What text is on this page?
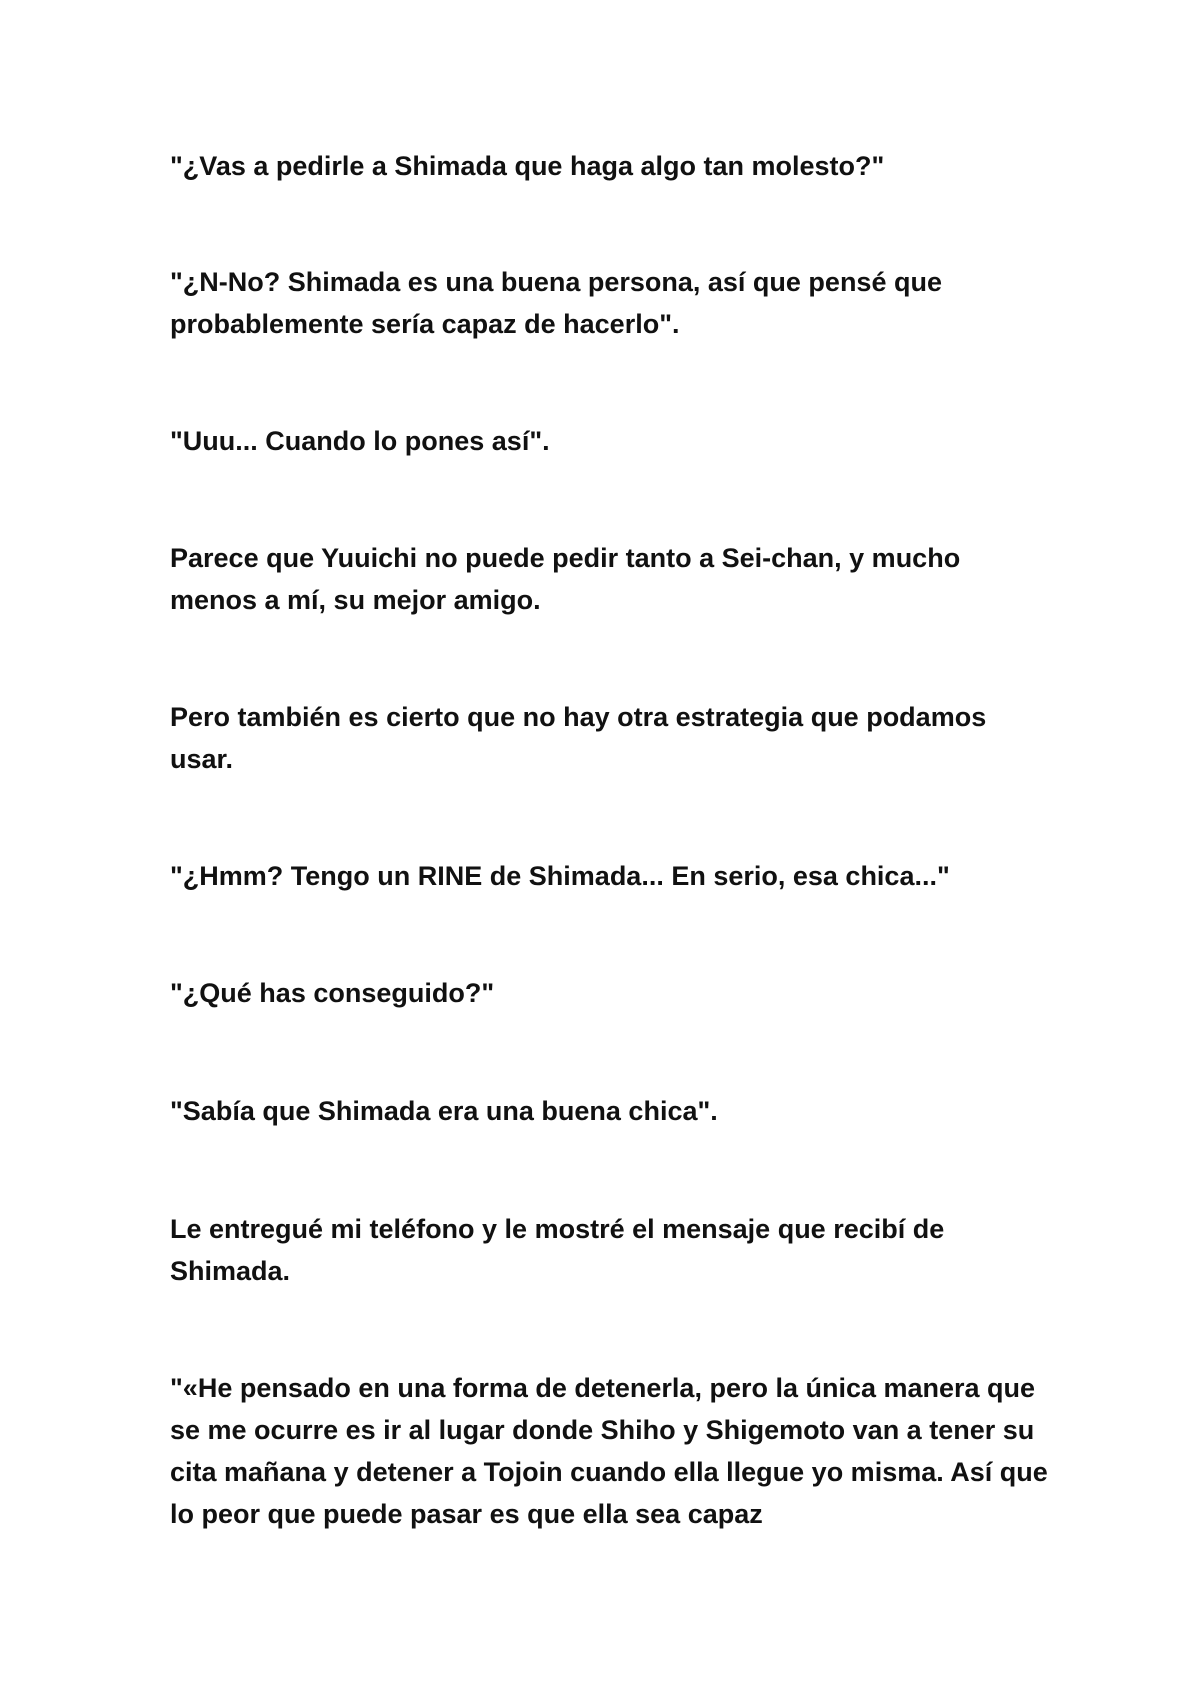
"¿Vas a pedirle a Shimada que haga algo tan molesto?"

"¿N-No? Shimada es una buena persona, así que pensé que probablemente sería capaz de hacerlo".

"Uuu... Cuando lo pones así".

Parece que Yuuichi no puede pedir tanto a Sei-chan, y mucho menos a mí, su mejor amigo.

Pero también es cierto que no hay otra estrategia que podamos usar.

"¿Hmm? Tengo un RINE de Shimada... En serio, esa chica..."

"¿Qué has conseguido?"

"Sabía que Shimada era una buena chica".

Le entregué mi teléfono y le mostré el mensaje que recibí de Shimada.

"«He pensado en una forma de detenerla, pero la única manera que se me ocurre es ir al lugar donde Shiho y Shigemoto van a tener su cita mañana y detener a Tojoin cuando ella llegue yo misma. Así que lo peor que puede pasar es que ella sea capaz
